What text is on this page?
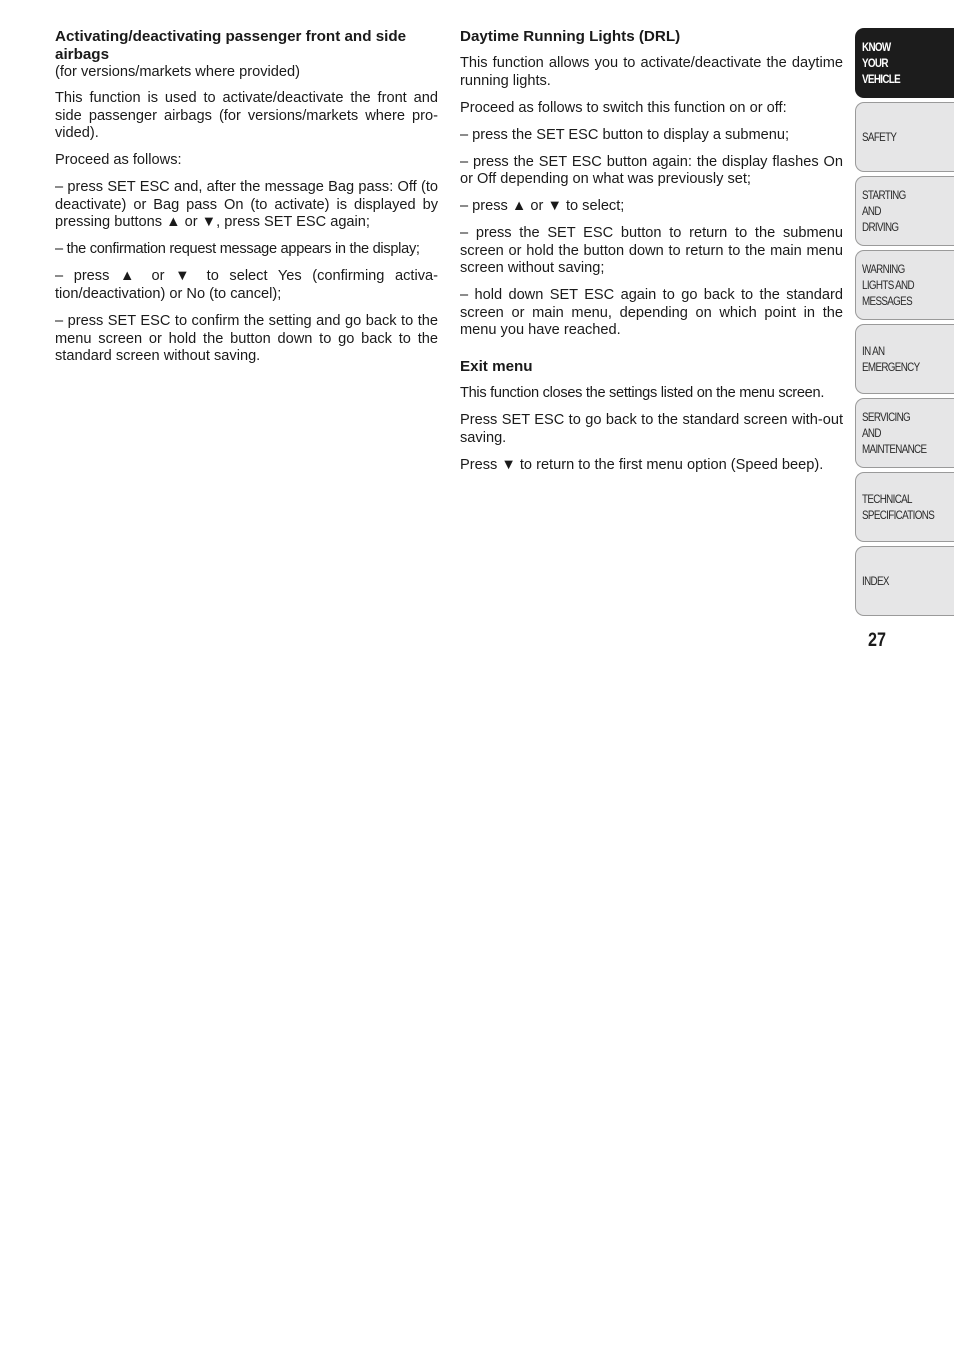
Activating/deactivating passenger front and side airbags

(for versions/markets where provided)

This function is used to activate/deactivate the front and side passenger airbags (for versions/markets where pro-vided).

Proceed as follows:

– press SET ESC and, after the message Bag pass: Off (to deactivate) or Bag pass On (to activate) is displayed by pressing buttons ▲ or ▼, press SET ESC again;

– the confirmation request message appears in the display;

– press ▲ or ▼ to select Yes (confirming activa-tion/deactivation) or No (to cancel);

– press SET ESC to confirm the setting and go back to the menu screen or hold the button down to go back to the standard screen without saving.

Daytime Running Lights (DRL)

This function allows you to activate/deactivate the daytime running lights.

Proceed as follows to switch this function on or off:

– press the SET ESC button to display a submenu;

– press the SET ESC button again: the display flashes On or Off depending on what was previously set;

– press ▲ or ▼ to select;

– press the SET ESC button to return to the submenu screen or hold the button down to return to the main menu screen without saving;

– hold down SET ESC again to go back to the standard screen or main menu, depending on which point in the menu you have reached.

Exit menu

This function closes the settings listed on the menu screen.

Press SET ESC to go back to the standard screen with-out saving.

Press ▼ to return to the first menu option (Speed beep).

KNOW
YOUR
VEHICLE
SAFETY
STARTING
AND
DRIVING
WARNING
LIGHTS AND
MESSAGES
IN AN
EMERGENCY
SERVICING
AND
MAINTENANCE
TECHNICAL
SPECIFICATIONS
INDEX
27
